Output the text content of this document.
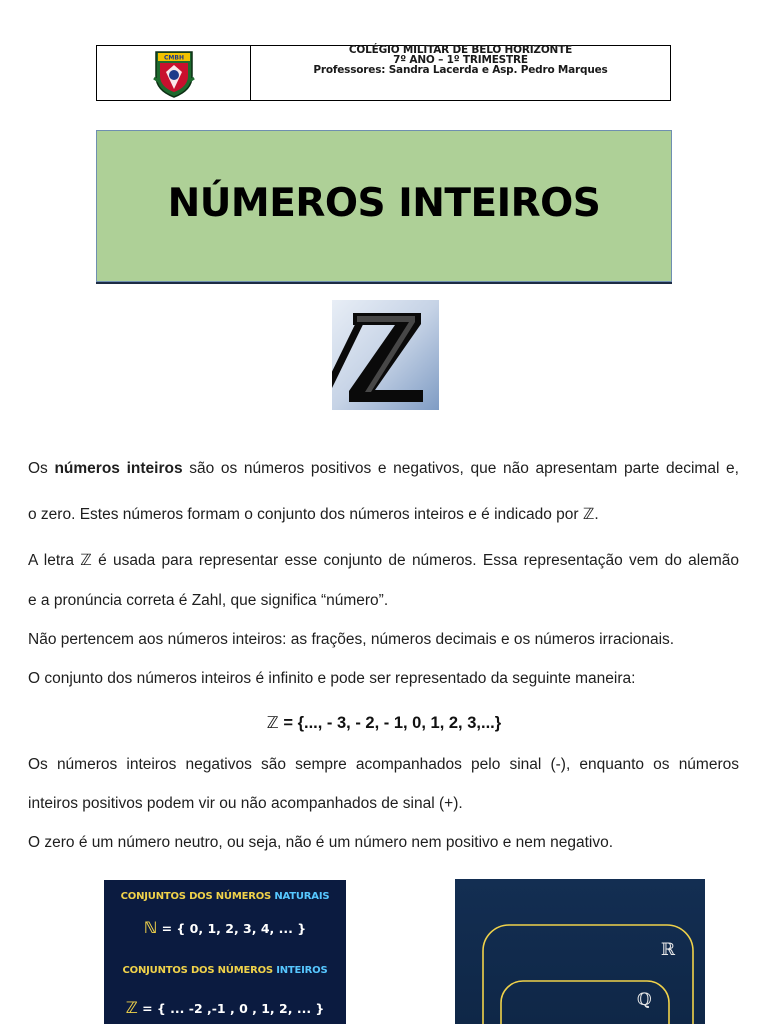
CMBH
COLÉGIO MILITAR DE BELO HORIZONTE
7º ANO – 1º TRIMESTRE
Professores: Sandra Lacerda e Asp. Pedro Marques
NÚMEROS INTEIROS

Os números inteiros são os números positivos e negativos, que não apresentam parte decimal e,

o zero. Estes números formam o conjunto dos números inteiros e é indicado por ℤ.

A letra ℤ é usada para representar esse conjunto de números. Essa representação vem do alemão

e a pronúncia correta é Zahl, que significa “número”.

Não pertencem aos números inteiros: as frações, números decimais e os números irracionais.

O conjunto dos números inteiros é infinito e pode ser representado da seguinte maneira:

ℤ = {..., - 3, - 2, - 1, 0, 1, 2, 3,...}

Os números inteiros negativos são sempre acompanhados pelo sinal (-), enquanto os números

inteiros positivos podem vir ou não acompanhados de sinal (+).

O zero é um número neutro, ou seja, não é um número nem positivo e nem negativo.

CONJUNTOS DOS NÚMEROS NATURAIS
ℕ = { 0, 1, 2, 3, 4, ... }
CONJUNTOS DOS NÚMEROS INTEIROS
ℤ = { ... -2 ,-1 , 0 , 1, 2, ... }
ℝ
ℚ
